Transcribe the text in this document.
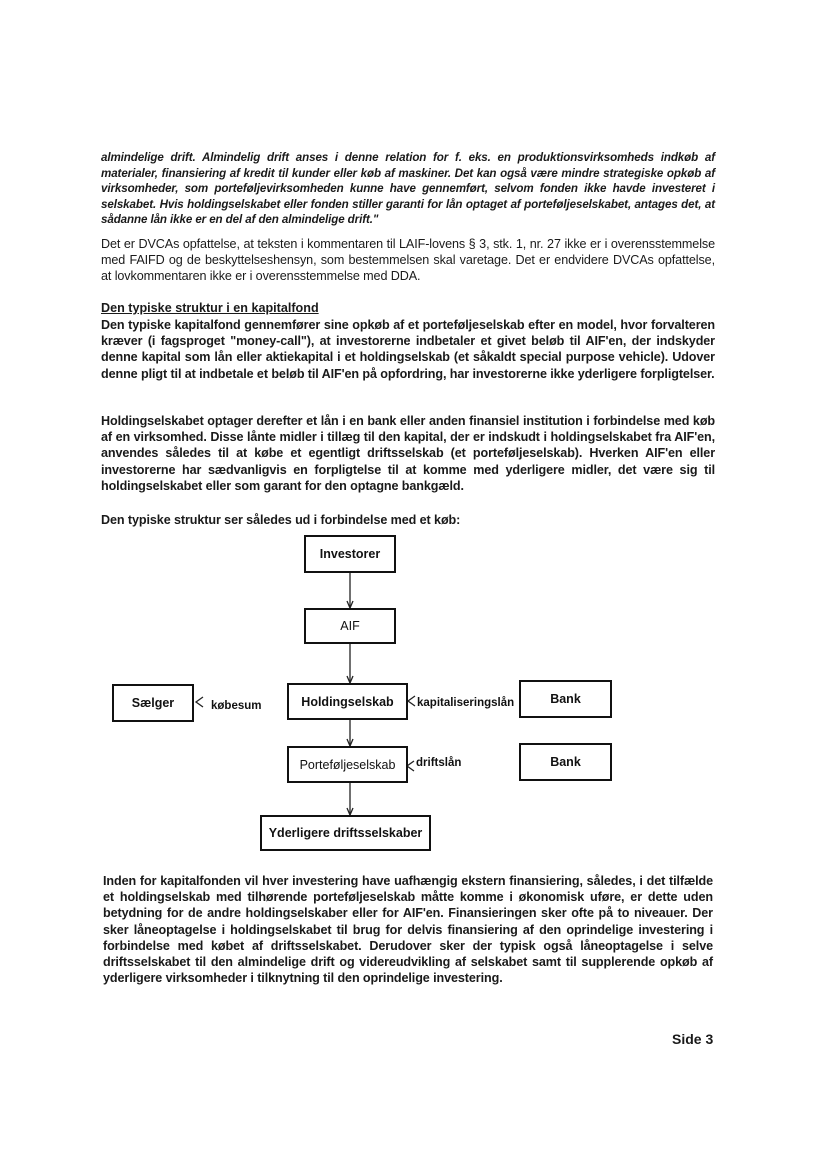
almindelige drift. Almindelig drift anses i denne relation for f. eks. en produktionsvirksomheds indkøb af materialer, finansiering af kredit til kunder eller køb af maskiner. Det kan også være mindre strategiske opkøb af virksomheder, som porteføljevirksomheden kunne have gennemført, selvom fonden ikke havde investeret i selskabet. Hvis holdingselskabet eller fonden stiller garanti for lån optaget af porteføljeselskabet, antages det, at sådanne lån ikke er en del af den almindelige drift."
Det er DVCAs opfattelse, at teksten i kommentaren til LAIF-lovens § 3, stk. 1, nr. 27 ikke er i overensstemmelse med FAIFD og de beskyttelseshensyn, som bestemmelsen skal varetage. Det er endvidere DVCAs opfattelse, at lovkommentaren ikke er i overensstemmelse med DDA.
Den typiske struktur i en kapitalfond
Den typiske kapitalfond gennemfører sine opkøb af et porteføljeselskab efter en model, hvor forvalteren kræver (i fagsproget "money-call"), at investorerne indbetaler et givet beløb til AIF'en, der indskyder denne kapital som lån eller aktiekapital i et holdingselskab (et såkaldt special purpose vehicle). Udover denne pligt til at indbetale et beløb til AIF'en på opfordring, har investorerne ikke yderligere forpligtelser.
Holdingselskabet optager derefter et lån i en bank eller anden finansiel institution i forbindelse med køb af en virksomhed. Disse lånte midler i tillæg til den kapital, der er indskudt i holdingselskabet fra AIF'en, anvendes således til at købe et egentligt driftsselskab (et porteføljeselskab). Hverken AIF'en eller investorerne har sædvanligvis en forpligtelse til at komme med yderligere midler, det være sig til holdingselskabet eller som garant for den optagne bankgæld.
Den typiske struktur ser således ud i forbindelse med et køb:
Investorer
AIF
Holdingselskab
Sælger	købesum	kapitaliseringslån	Bank
Porteføljeselskab	driftslån	Bank
Yderligere driftsselskaber
Inden for kapitalfonden vil hver investering have uafhængig ekstern finansiering, således, i det tilfælde et holdingselskab med tilhørende porteføljeselskab måtte komme i økonomisk uføre, er dette uden betydning for de andre holdingselskaber eller for AIF'en. Finansieringen sker ofte på to niveauer. Der sker låneoptagelse i holdingselskabet til brug for delvis finansiering af den oprindelige investering i forbindelse med købet af driftsselskabet. Derudover sker der typisk også låneoptagelse i selve driftsselskabet til den almindelige drift og videreudvikling af selskabet samt til supplerende opkøb af yderligere virksomheder i tilknytning til den oprindelige investering.
Side 3
